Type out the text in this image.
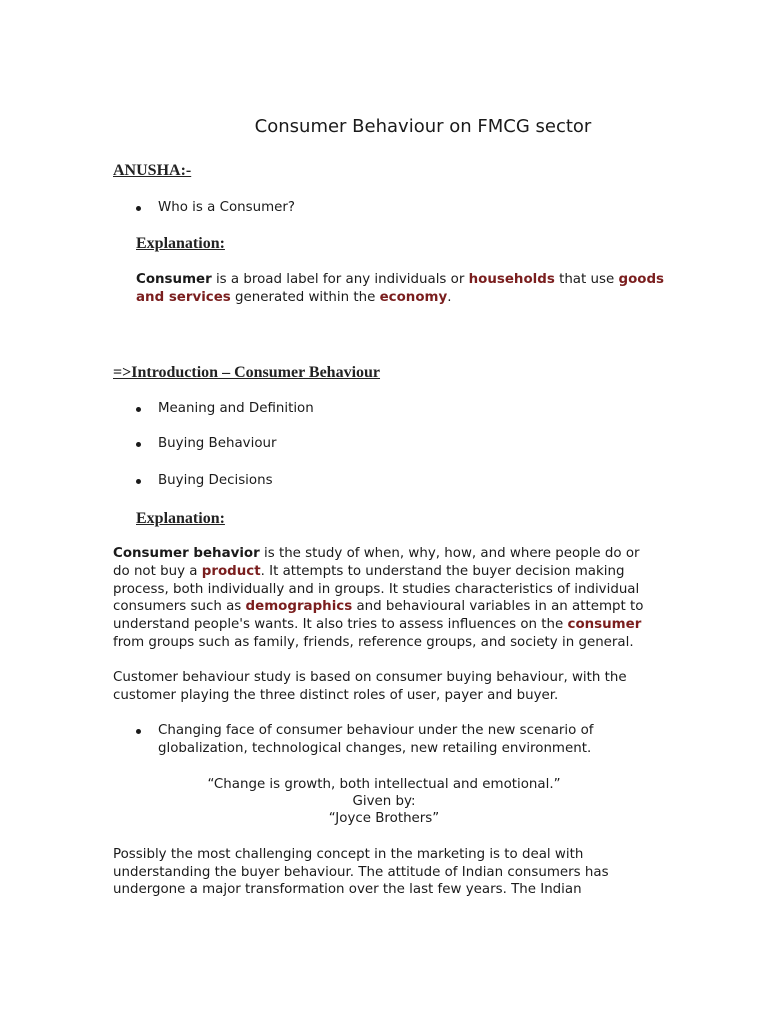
Consumer Behaviour on FMCG sector
ANUSHA:-
Who is a Consumer?
Explanation:
Consumer is a broad label for any individuals or households that use goods
and services generated within the economy.
=>Introduction – Consumer Behaviour
Meaning and Definition
Buying Behaviour
Buying Decisions
Explanation:
Consumer behavior is the study of when, why, how, and where people do or
do not buy a product. It attempts to understand the buyer decision making
process, both individually and in groups. It studies characteristics of individual
consumers such as demographics and behavioural variables in an attempt to
understand people's wants. It also tries to assess influences on the consumer
from groups such as family, friends, reference groups, and society in general.
Customer behaviour study is based on consumer buying behaviour, with the
customer playing the three distinct roles of user, payer and buyer.
Changing face of consumer behaviour under the new scenario of
globalization, technological changes, new retailing environment.
“Change is growth, both intellectual and emotional.”
Given by:
“Joyce Brothers”
Possibly the most challenging concept in the marketing is to deal with
understanding the buyer behaviour. The attitude of Indian consumers has
undergone a major transformation over the last few years. The Indian
